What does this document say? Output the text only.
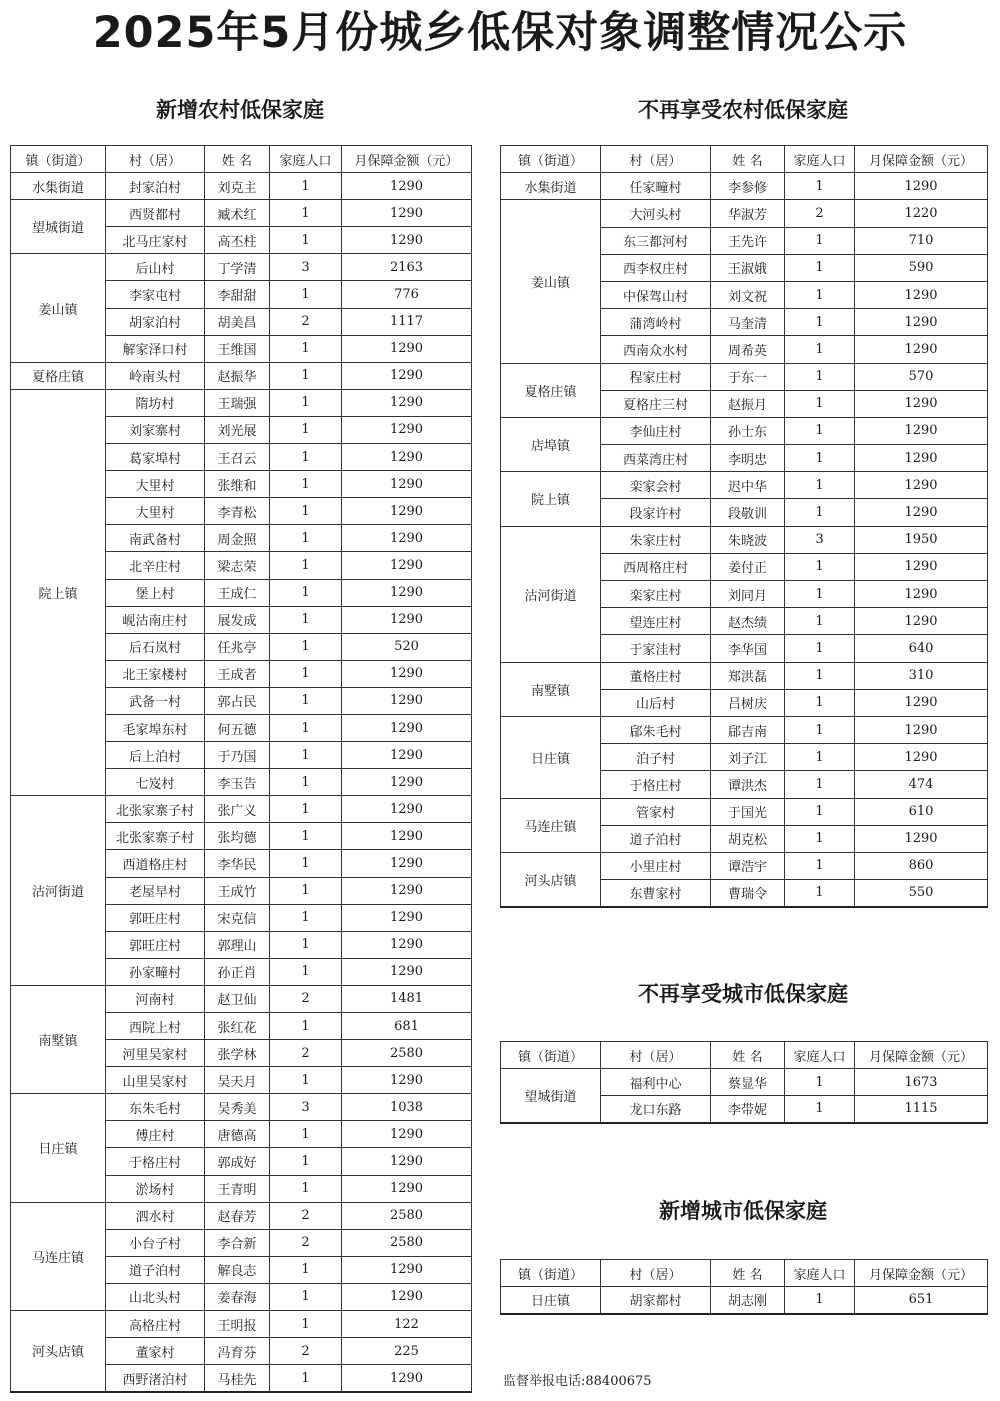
2025年5月份城乡低保对象调整情况公示
新增农村低保家庭
镇（街道）	村（居）	姓 名	家庭人口	月保障金额（元）
水集街道	封家泊村	刘克主	1	1290
望城街道	西贤都村	臧术红	1	1290
	北马庄家村	高丕柱	1	1290
姜山镇	后山村	丁学清	3	2163
	李家屯村	李甜甜	1	776
	胡家泊村	胡美昌	2	1117
	解家泽口村	王维国	1	1290
夏格庄镇	岭南头村	赵振华	1	1290
院上镇	隋坊村	王瑞强	1	1290
	刘家寨村	刘光展	1	1290
	葛家埠村	王召云	1	1290
	大里村	张维和	1	1290
	大里村	李青松	1	1290
	南武备村	周金照	1	1290
	北辛庄村	梁志荣	1	1290
	堡上村	王成仁	1	1290
	岘沽南庄村	展发成	1	1290
	后石岚村	任兆亭	1	520
	北王家楼村	王成者	1	1290
	武备一村	郭占民	1	1290
	毛家埠东村	何五德	1	1290
	后上泊村	于乃国	1	1290
	七岌村	李玉告	1	1290
沽河街道	北张家寨子村	张广义	1	1290
	北张家寨子村	张均德	1	1290
	西道格庄村	李华民	1	1290
	老屋早村	王成竹	1	1290
	郭旺庄村	宋克信	1	1290
	郭旺庄村	郭理山	1	1290
	孙家疃村	孙正肖	1	1290
南墅镇	河南村	赵卫仙	2	1481
	西院上村	张红花	1	681
	河里吴家村	张学林	2	2580
	山里吴家村	吴天月	1	1290
日庄镇	东朱毛村	吴秀美	3	1038
	傅庄村	唐德高	1	1290
	于格庄村	郭成好	1	1290
	淤场村	王青明	1	1290
马连庄镇	泗水村	赵春芳	2	2580
	小台子村	李合新	2	2580
	道子泊村	解良志	1	1290
	山北头村	姜春海	1	1290
河头店镇	高格庄村	王明报	1	122
	董家村	冯育芬	2	225
	西野渚泊村	马桂先	1	1290
不再享受农村低保家庭
镇（街道）	村（居）	姓 名	家庭人口	月保障金额（元）
水集街道	任家疃村	李参修	1	1290
姜山镇	大河头村	华淑芳	2	1220
	东三都河村	王先许	1	710
	西李权庄村	王淑娥	1	590
	中保驾山村	刘文祝	1	1290
	蒲湾岭村	马奎清	1	1290
	西南众水村	周希英	1	1290
夏格庄镇	程家庄村	于东一	1	570
	夏格庄三村	赵振月	1	1290
店埠镇	李仙庄村	孙士东	1	1290
	西菜湾庄村	李明忠	1	1290
院上镇	栾家会村	迟中华	1	1290
	段家许村	段敬训	1	1290
沽河街道	朱家庄村	朱晓波	3	1950
	西周格庄村	姜付正	1	1290
	栾家庄村	刘同月	1	1290
	望连庄村	赵杰绩	1	1290
	于家洼村	李华国	1	640
南墅镇	董格庄村	郑洪磊	1	310
	山后村	吕树庆	1	1290
日庄镇	郈朱毛村	郈吉南	1	1290
	泊子村	刘子江	1	1290
	于格庄村	谭洪杰	1	474
马连庄镇	管家村	于国光	1	610
	道子泊村	胡克松	1	1290
河头店镇	小里庄村	谭浩宇	1	860
	东曹家村	曹瑞令	1	550
不再享受城市低保家庭
镇（街道）	村（居）	姓 名	家庭人口	月保障金额（元）
望城街道	福利中心	蔡显华	1	1673
	龙口东路	李带妮	1	1115
新增城市低保家庭
镇（街道）	村（居）	姓 名	家庭人口	月保障金额（元）
日庄镇	胡家都村	胡志刚	1	651
监督举报电话:88400675
